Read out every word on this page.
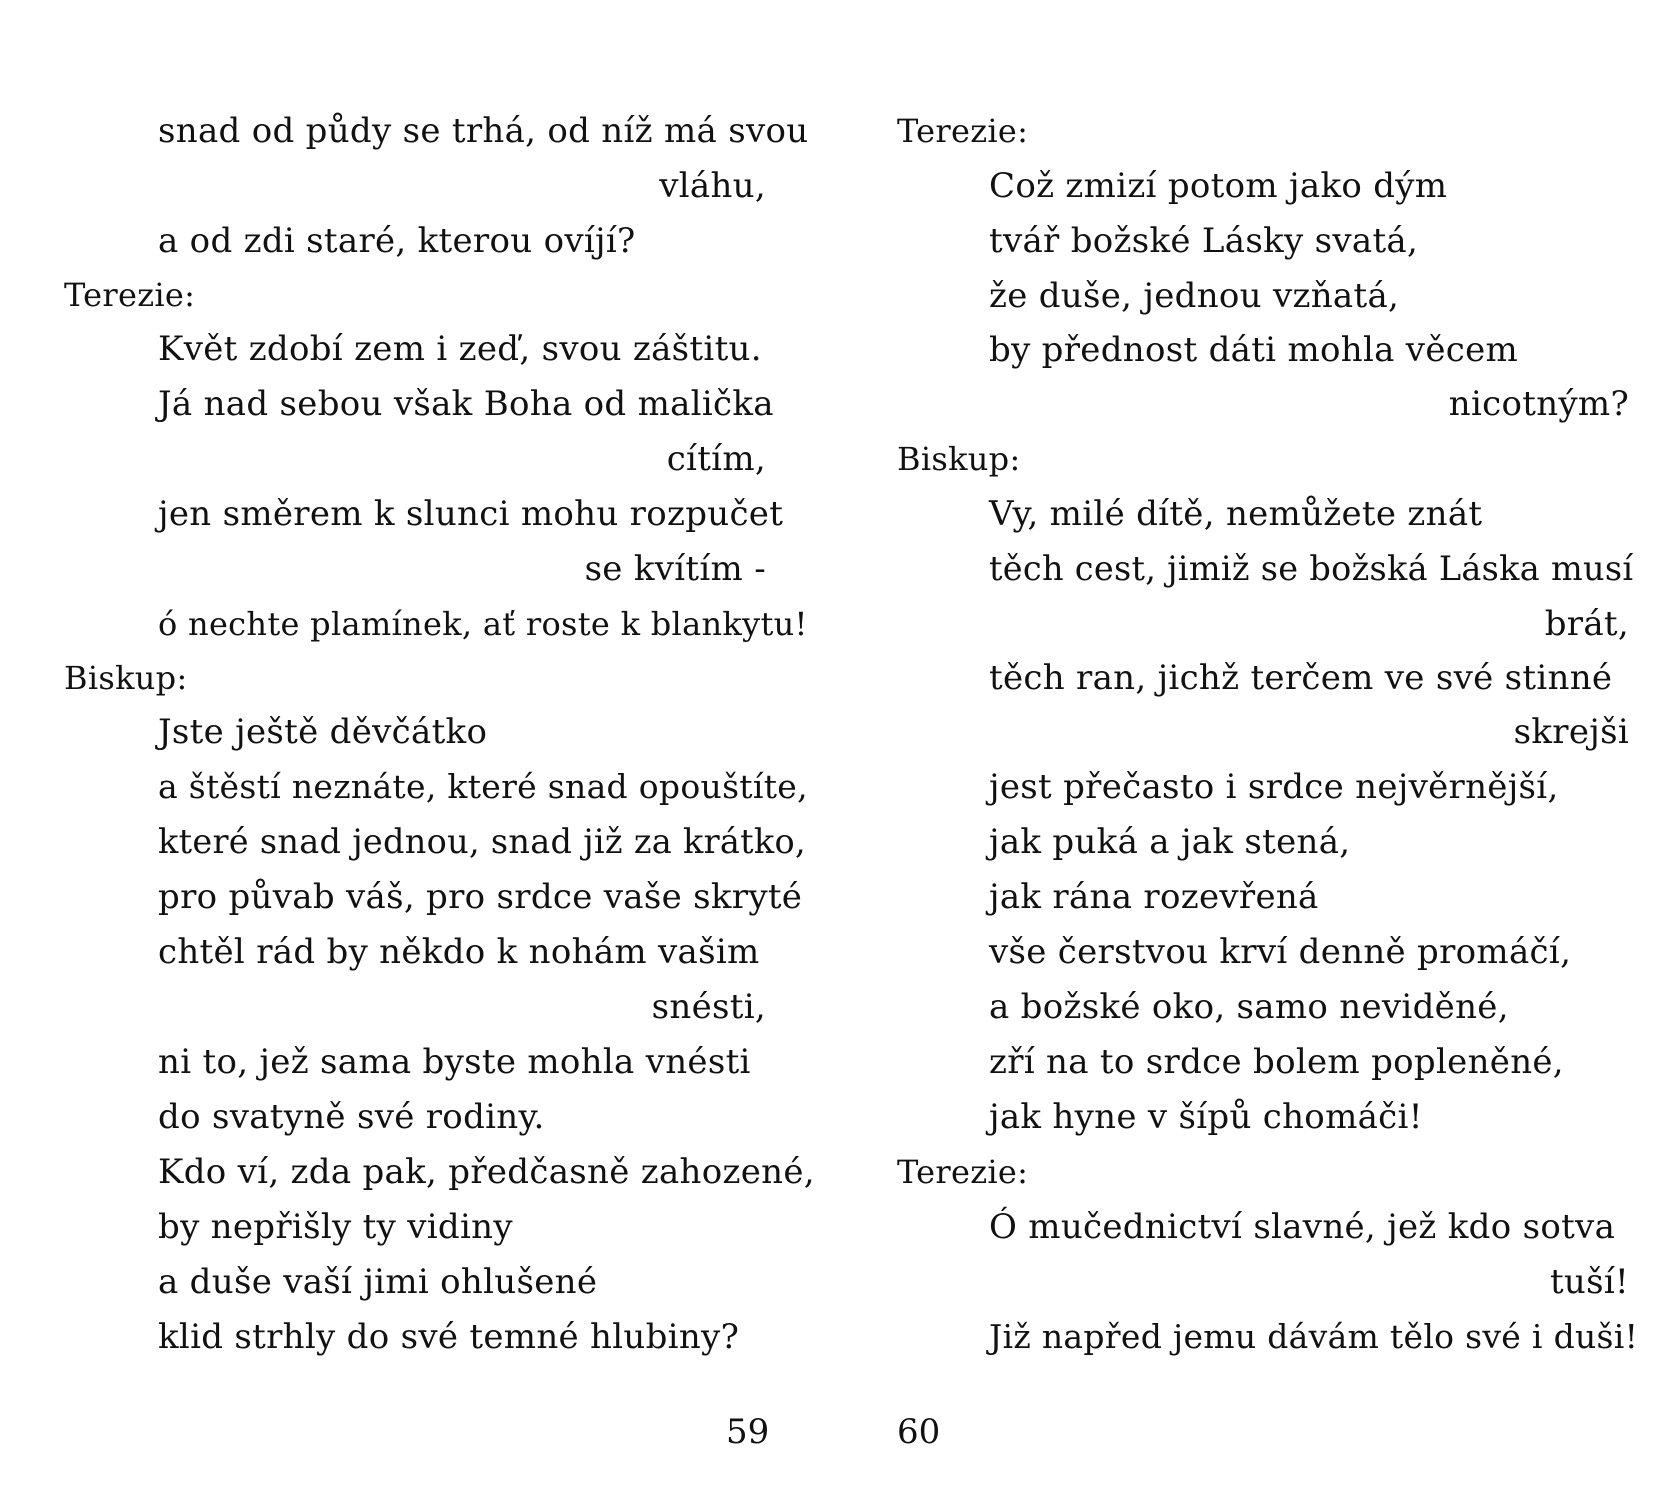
snad od půdy se trhá, od níž má svou
vláhu,
a od zdi staré, kterou ovíjí?
Terezie:
Květ zdobí zem i zeď, svou záštitu.
Já nad sebou však Boha od malička
cítím,
jen směrem k slunci mohu rozpučet
se kvítím -
ó nechte plamínek, ať roste k blankytu!
Biskup:
Jste ještě děvčátko
a štěstí neznáte, které snad opouštíte,
které snad jednou, snad již za krátko,
pro půvab váš, pro srdce vaše skryté
chtěl rád by někdo k nohám vašim
snésti,
ni to, jež sama byste mohla vnésti
do svatyně své rodiny.
Kdo ví, zda pak, předčasně zahozené,
by nepřišly ty vidiny
a duše vaší jimi ohlušené
klid strhly do své temné hlubiny?
59
Terezie:
Což zmizí potom jako dým
tvář božské Lásky svatá,
že duše, jednou vzňatá,
by přednost dáti mohla věcem
nicotným?
Biskup:
Vy, milé dítě, nemůžete znát
těch cest, jimiž se božská Láska musí
brát,
těch ran, jichž terčem ve své stinné
skrejši
jest přečasto i srdce nejvěrnější,
jak puká a jak stená,
jak rána rozevřená
vše čerstvou krví denně promáčí,
a božské oko, samo neviděné,
zří na to srdce bolem popleněné,
jak hyne v šípů chomáči!
Terezie:
Ó mučednictví slavné, jež kdo sotva
tuší!
Již napřed jemu dávám tělo své i duši!
60
